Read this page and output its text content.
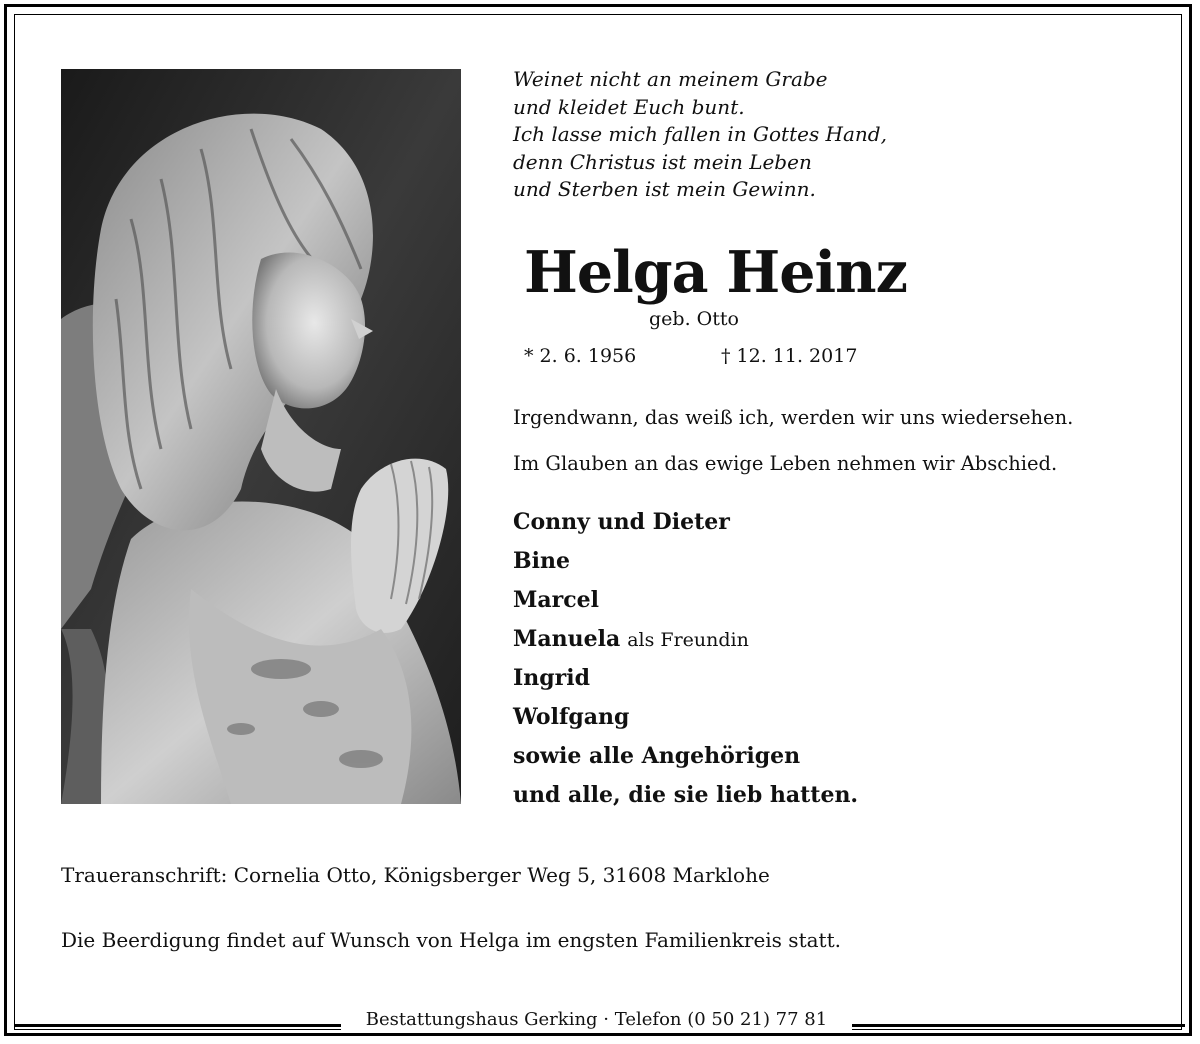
Weinet nicht an meinem Grabe
und kleidet Euch bunt.
Ich lasse mich fallen in Gottes Hand,
denn Christus ist mein Leben
und Sterben ist mein Gewinn.
Helga Heinz
geb. Otto
* 2. 6. 1956	† 12. 11. 2017
Irgendwann, das weiß ich, werden wir uns wiedersehen.
Im Glauben an das ewige Leben nehmen wir Abschied.
Conny und Dieter
Bine
Marcel
Manuela als Freundin
Ingrid
Wolfgang
sowie alle Angehörigen
und alle, die sie lieb hatten.
Traueranschrift: Cornelia Otto, Königsberger Weg 5, 31608 Marklohe
Die Beerdigung findet auf Wunsch von Helga im engsten Familienkreis statt.
Bestattungshaus Gerking · Telefon (0 50 21) 77 81
